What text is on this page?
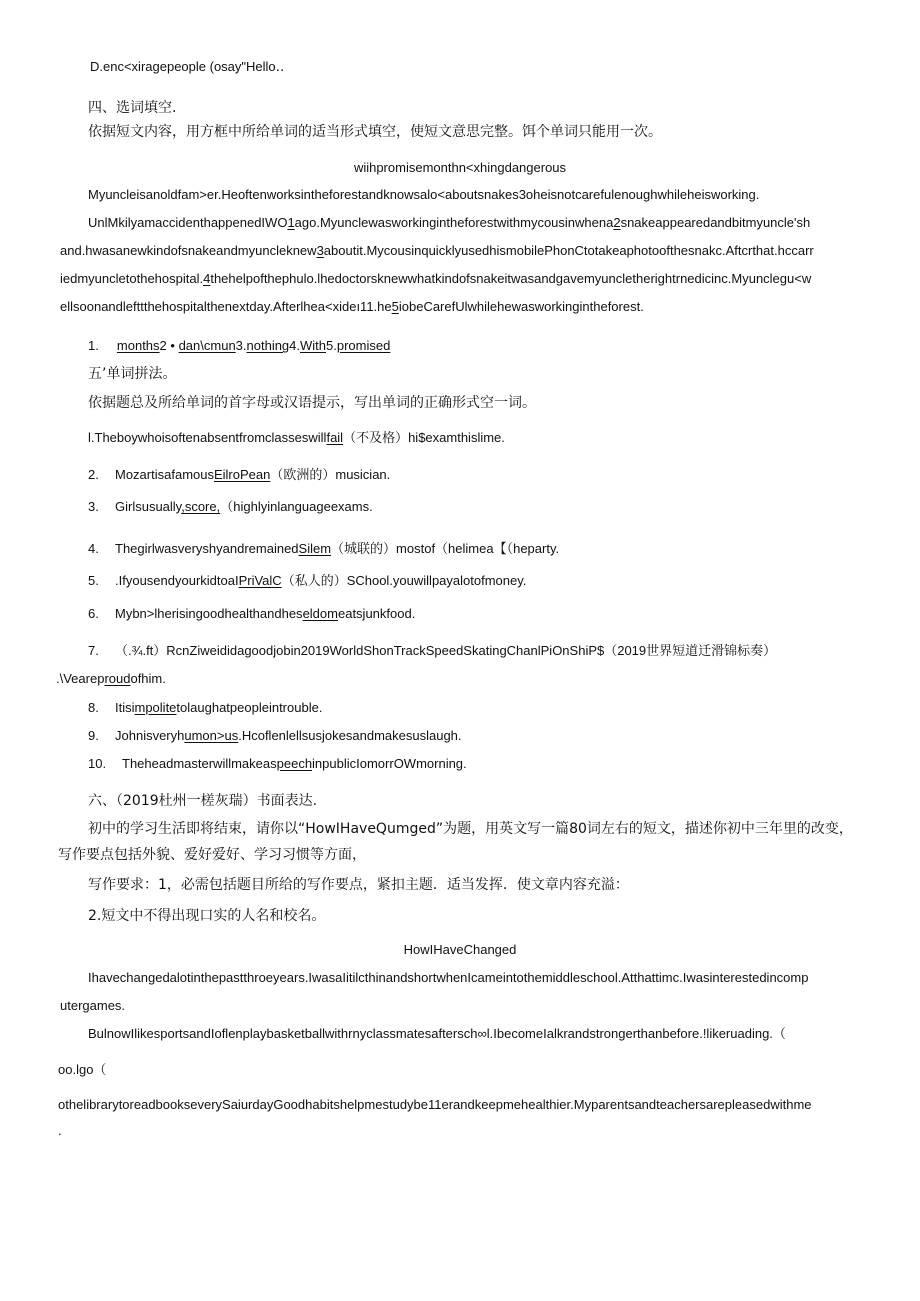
D.enc<xiragepeople (osay"Hello‥
四、选词填空.
依据短文内容，用方框中所给单词的适当形式填空，使短文意思完整。饵个单词只能用一次。
wiihpromisemonthn<xhingdangerous
Myuncleisanoldfam>er.Heoftenworksintheforestandknowsalo<aboutsnakes3oheisnotcarefulenoughwhileheisworking.
UnlMkilyamaccidenthappenedIWO1ago.Myunclewasworkingintheforestwithmycousinwhena2snakeappearedandbitmyuncle'sh
and.hwasanewkindofsnakeandmyuncleknew3aboutit.MycousinquicklyusedhismobilePhonCtotakeaphotoofthesnakc.Aftcrthat.hccarr
iedmyuncletothehospital.4thehelpofthephulo.lhedoctorsknewwhatkindofsnakeitwasandgavemyuncletherightrnedicinc.Myunclegu<w
ellsoonandlefttthehospitalthenextday.Afterlhea<xideı11.he5iobeCarefUlwhilehewasworkingintheforest.
1. months2 • dan\cmun3.nothing4.With5.promised
五’单词拼法。
依据题总及所给单词的首字母或汉语提示，写出单词的正确形式空一词。
l.Theboywhoisoftenabsentfromclasseswillfail（不及格）hi$examthislime.
2. MozartisafamousEilroPean（欧洲的）musician.
3. Girlsusually,score,（highlyinlanguageexams.
4. ThegirlwasveryshyandremainedSilem（城联的）mostof（helimea【（heparty.
5. .IfyousendyourkidtoaIPriValC（私人的）SChool.youwillpayalotofmoney.
6. Mybn>lherisingoodhealthandheseldomeatsjunkfood.
7. （.¾.ft）RcnZiweididagoodjobin2019WorldShonTrackSpeedSkatingChanlPiOnShiP$（2019世界短道迁滑锦标奏）
.\Veareproudofhim.
8. Itisimpolitetolaughatpeopleintrouble.
9. Johnisveryhumon>us.Hcoflenlellsusjokesandmakesuslaugh.
10. TheheadmasterwillmakeaspeechinpublicIomorrOWmorning.
六、（2019杜州一槎灰瑞）书面表达.
初中的学习生活即将结束，请你以“HowIHaveQumged”为题，用英文写一篇80词左右的短文，描述你初中三年里的改变，
写作要点包括外貌、爱好爱好、学习习惯等方面，
写作要求：1，必需包括题目所给的写作要点，紧扣主题．适当发挥．使文章内容充溢：
2.短文中不得出现口实的人名和校名。
HowIHaveChanged
Ihavechangedalotinthepastthroeyears.IwasaIitilcthinandshortwhenIcameintothemiddleschool.Atthattimc.Iwasinterestedincomp
utergames.
BulnowIlikesportsandIoflenplaybasketballwithrnyclassmatesaftersch∞l.IbecomeIalkrandstrongerthanbefore.!likeruading.（
oo.lgo（
othelibrarytoreadbookseverySaiurdayGoodhabitshelpmestudybe11erandkeepmehealthier.Myparentsandteachersarepleasedwithme
.
